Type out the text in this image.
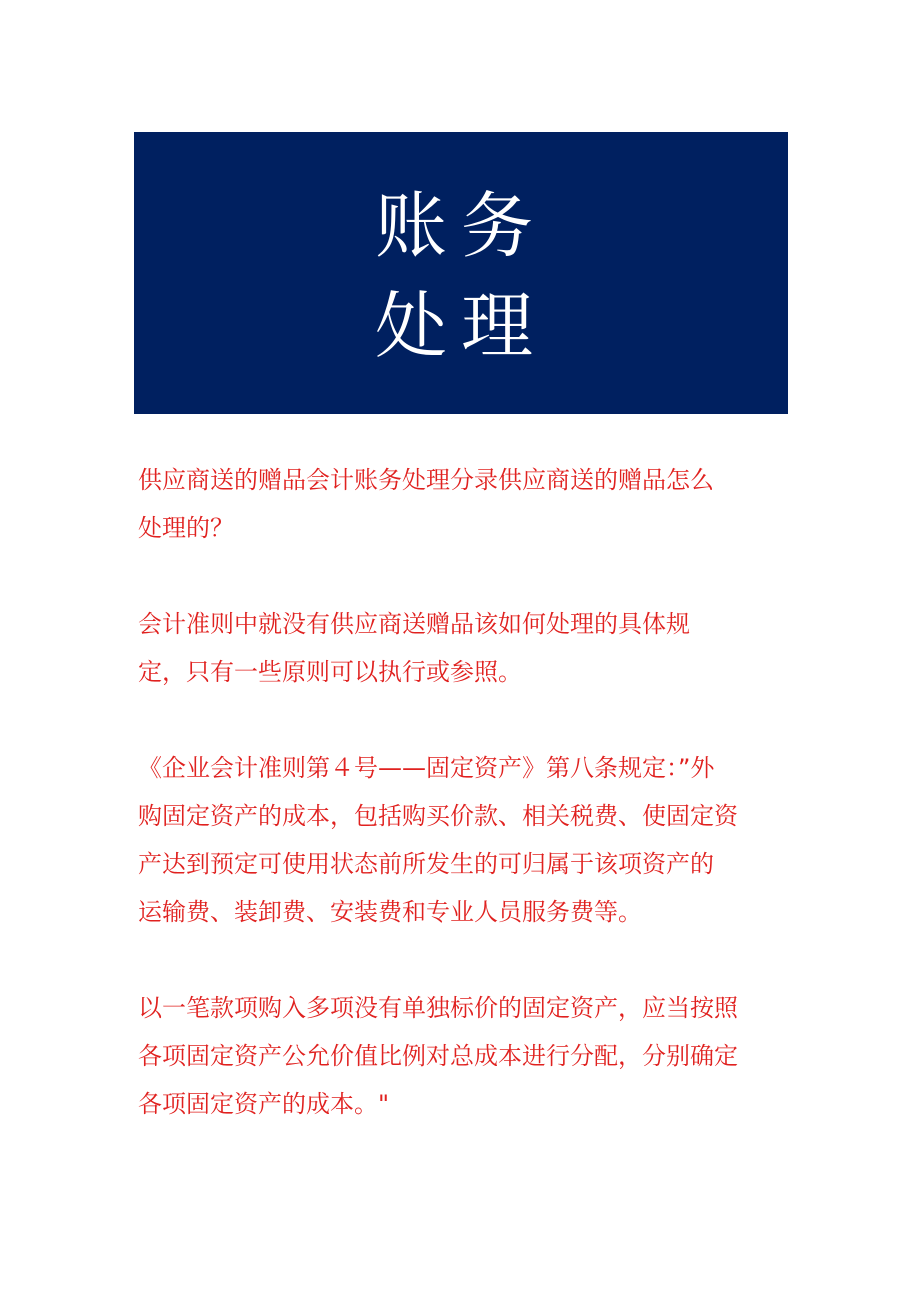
账务
处理
供应商送的赠品会计账务处理分录供应商送的赠品怎么
处理的？
会计准则中就没有供应商送赠品该如何处理的具体规
定，只有一些原则可以执行或参照。
《企业会计准则第４号——固定资产》第八条规定：”外
购固定资产的成本，包括购买价款、相关税费、使固定资
产达到预定可使用状态前所发生的可归属于该项资产的
运输费、装卸费、安装费和专业人员服务费等。
以一笔款项购入多项没有单独标价的固定资产，应当按照
各项固定资产公允价值比例对总成本进行分配，分别确定
各项固定资产的成本。"
